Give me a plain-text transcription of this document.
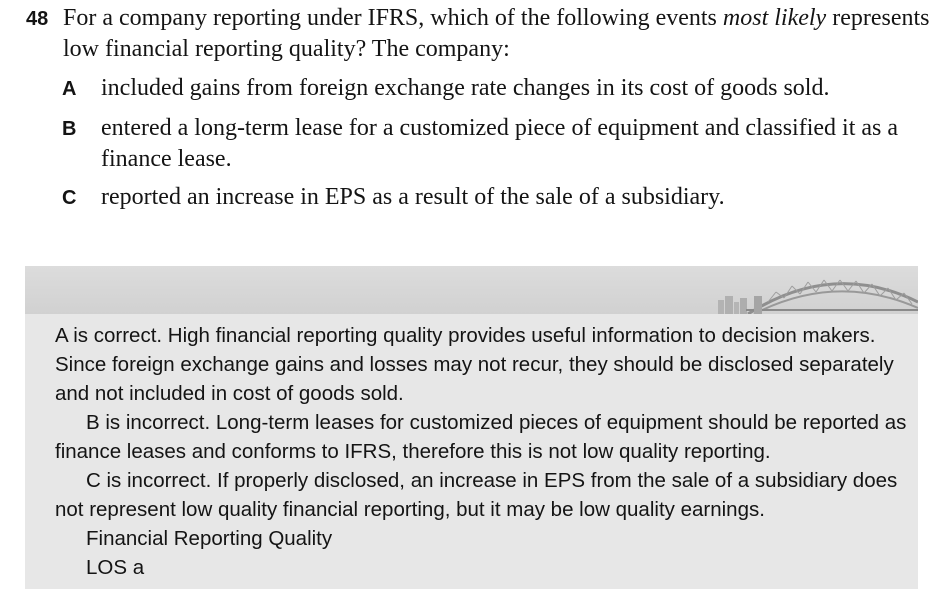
48 For a company reporting under IFRS, which of the following events most likely represents low financial reporting quality? The company:
A included gains from foreign exchange rate changes in its cost of goods sold.
B entered a long-term lease for a customized piece of equipment and classified it as a finance lease.
C reported an increase in EPS as a result of the sale of a subsidiary.

A is correct. High financial reporting quality provides useful information to decision makers. Since foreign exchange gains and losses may not recur, they should be disclosed separately and not included in cost of goods sold.

B is incorrect. Long-term leases for customized pieces of equipment should be reported as finance leases and conforms to IFRS, therefore this is not low quality reporting.

C is incorrect. If properly disclosed, an increase in EPS from the sale of a subsidiary does not represent low quality financial reporting, but it may be low quality earnings.

Financial Reporting Quality

LOS a
